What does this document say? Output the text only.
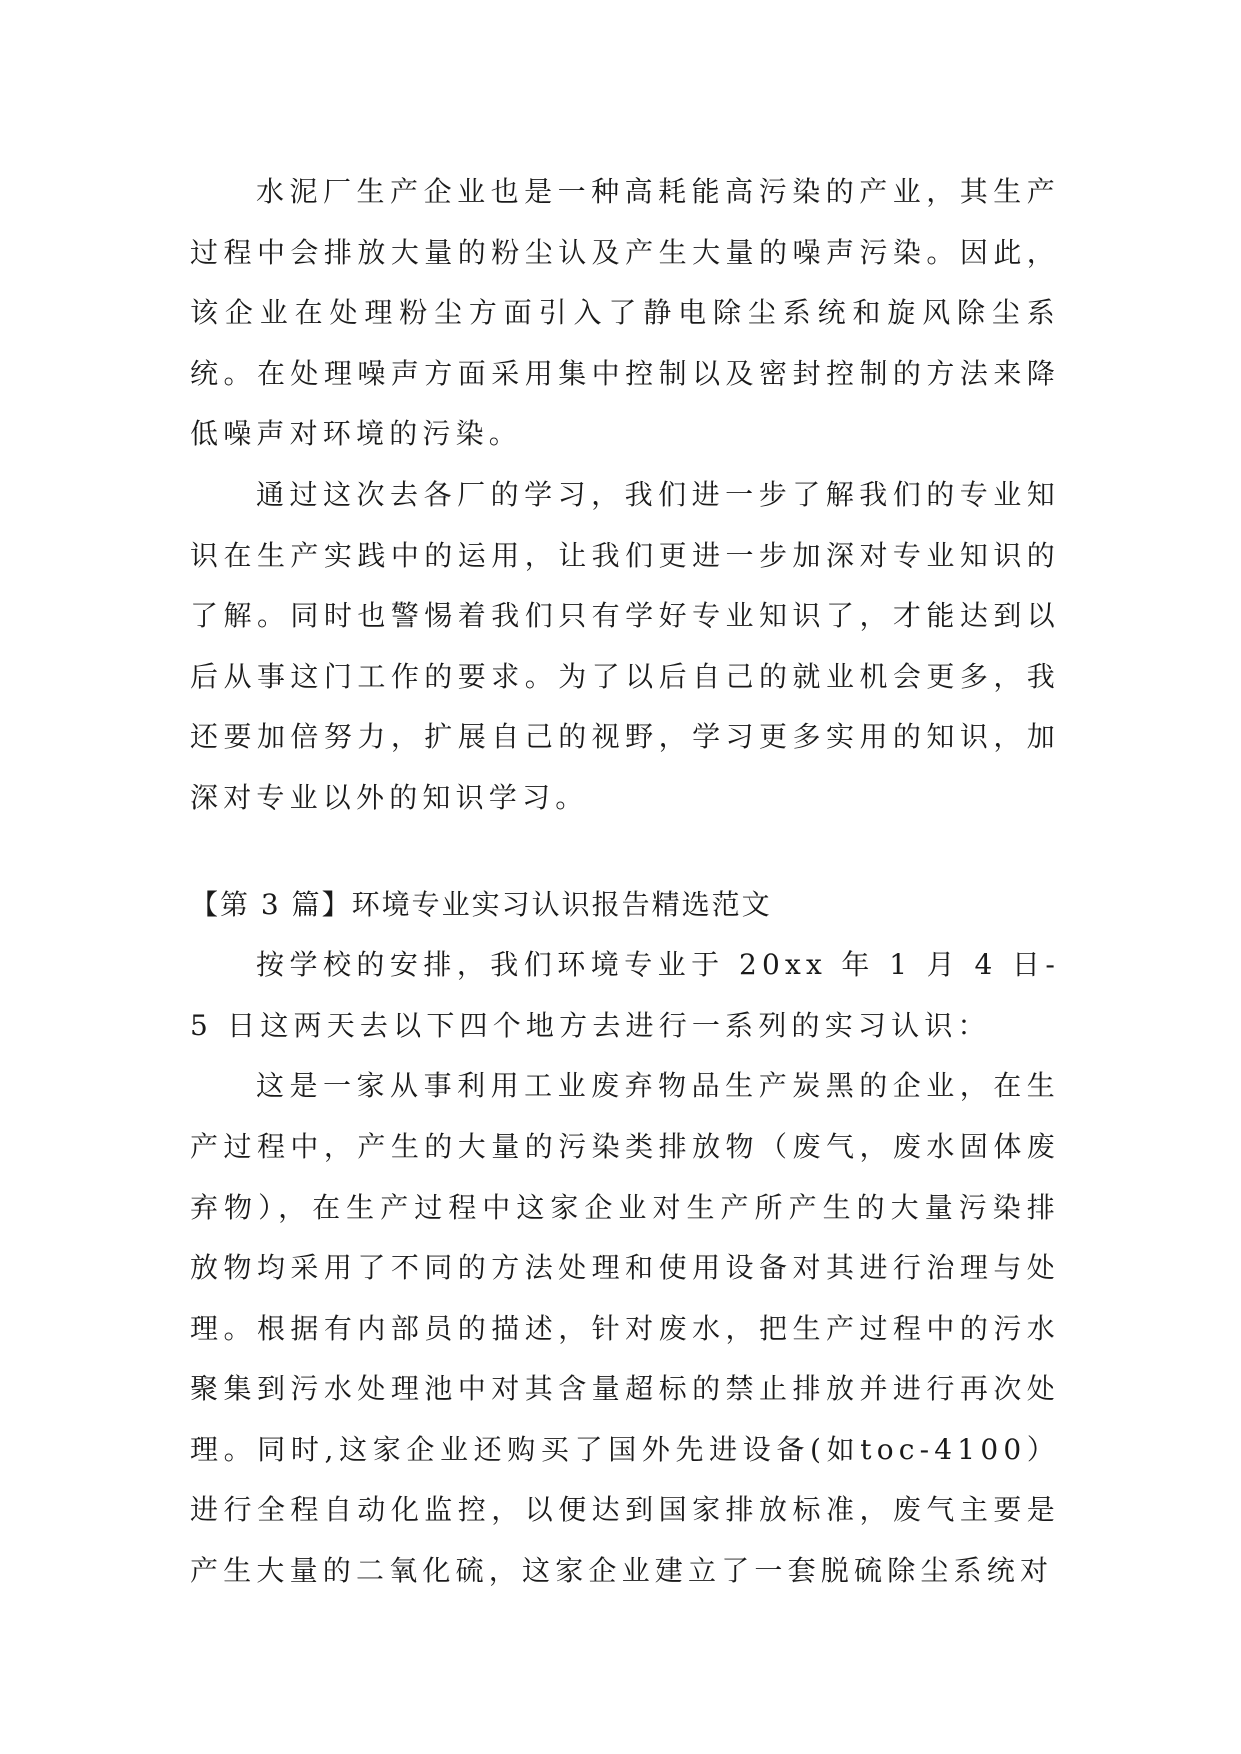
水泥厂生产企业也是一种高耗能高污染的产业，其生产过程中会排放大量的粉尘认及产生大量的噪声污染。因此，该企业在处理粉尘方面引入了静电除尘系统和旋风除尘系统。在处理噪声方面采用集中控制以及密封控制的方法来降低噪声对环境的污染。

通过这次去各厂的学习，我们进一步了解我们的专业知识在生产实践中的运用，让我们更进一步加深对专业知识的了解。同时也警惕着我们只有学好专业知识了，才能达到以后从事这门工作的要求。为了以后自己的就业机会更多，我还要加倍努力，扩展自己的视野，学习更多实用的知识，加深对专业以外的知识学习。

【第 3 篇】环境专业实习认识报告精选范文

按学校的安排，我们环境专业于 20xx 年 1 月 4 日-5 日这两天去以下四个地方去进行一系列的实习认识：

这是一家从事利用工业废弃物品生产炭黑的企业，在生产过程中，产生的大量的污染类排放物（废气，废水固体废弃物），在生产过程中这家企业对生产所产生的大量污染排放物均采用了不同的方法处理和使用设备对其进行治理与处理。根据有内部员的描述，针对废水，把生产过程中的污水聚集到污水处理池中对其含量超标的禁止排放并进行再次处理。同时,这家企业还购买了国外先进设备(如toc-4100）进行全程自动化监控，以便达到国家排放标准，废气主要是产生大量的二氧化硫，这家企业建立了一套脱硫除尘系统对
